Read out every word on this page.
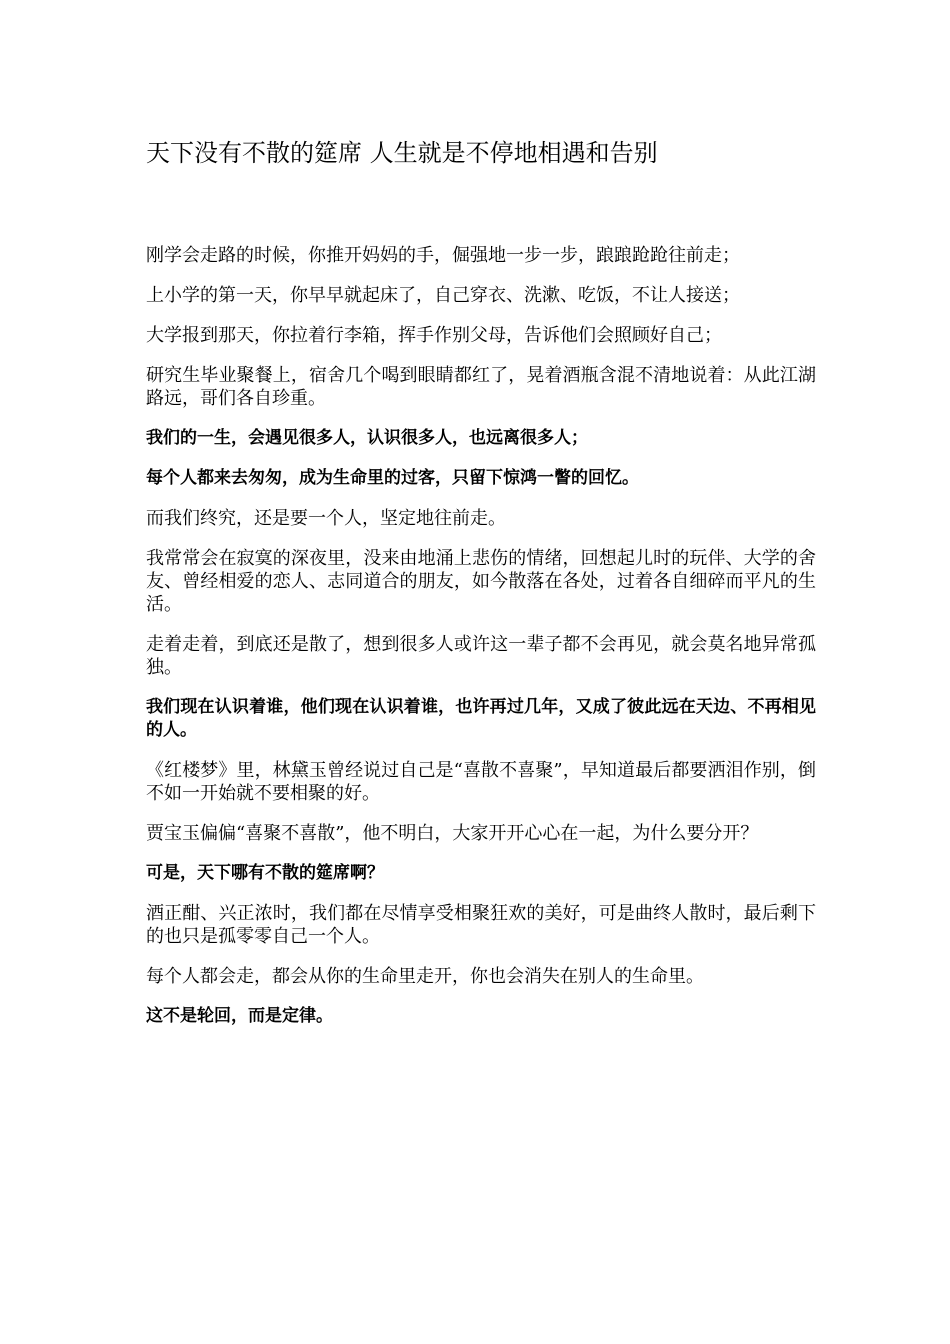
天下没有不散的筵席 人生就是不停地相遇和告别

刚学会走路的时候，你推开妈妈的手，倔强地一步一步，踉踉跄跄往前走；

上小学的第一天，你早早就起床了，自己穿衣、洗漱、吃饭，不让人接送；

大学报到那天，你拉着行李箱，挥手作别父母，告诉他们会照顾好自己；

研究生毕业聚餐上，宿舍几个喝到眼睛都红了，晃着酒瓶含混不清地说着：从此江湖路远，哥们各自珍重。

我们的一生，会遇见很多人，认识很多人，也远离很多人；

每个人都来去匆匆，成为生命里的过客，只留下惊鸿一瞥的回忆。

而我们终究，还是要一个人，坚定地往前走。

我常常会在寂寞的深夜里，没来由地涌上悲伤的情绪，回想起儿时的玩伴、大学的舍友、曾经相爱的恋人、志同道合的朋友，如今散落在各处，过着各自细碎而平凡的生活。

走着走着，到底还是散了，想到很多人或许这一辈子都不会再见，就会莫名地异常孤独。

我们现在认识着谁，他们现在认识着谁，也许再过几年，又成了彼此远在天边、不再相见的人。

《红楼梦》里，林黛玉曾经说过自己是“喜散不喜聚”，早知道最后都要洒泪作别，倒不如一开始就不要相聚的好。

贾宝玉偏偏“喜聚不喜散”，他不明白，大家开开心心在一起，为什么要分开？

可是，天下哪有不散的筵席啊？

酒正酣、兴正浓时，我们都在尽情享受相聚狂欢的美好，可是曲终人散时，最后剩下的也只是孤零零自己一个人。

每个人都会走，都会从你的生命里走开，你也会消失在别人的生命里。

这不是轮回，而是定律。
